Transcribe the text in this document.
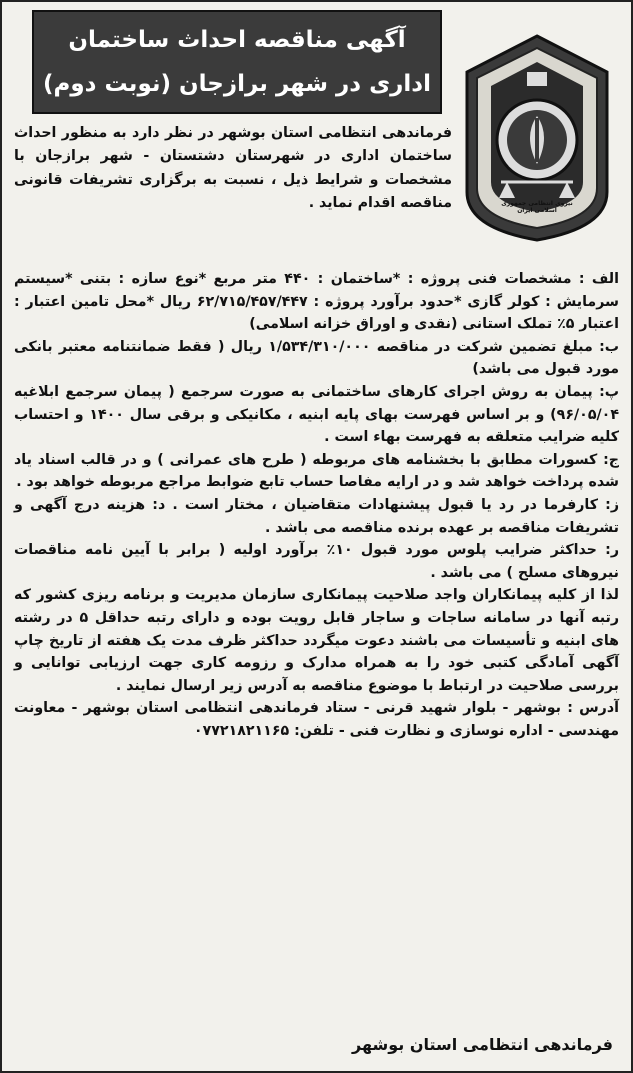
آگهی مناقصه احداث ساختمان
اداری در شهر برازجان (نوبت دوم)
نیروی انتظامی جمهوری اسلامی ایران
فرماندهی انتظامی استان بوشهر در نظر دارد به منظور احداث ساختمان اداری در شهرستان دشتستان - شهر برازجان با مشخصات و شرایط ذیل ، نسبت به برگزاری تشریفات قانونی مناقصه اقدام نماید .

الف : مشخصات فنی پروژه : *ساختمان : ۴۴۰ متر مربع *نوع سازه : بتنی *سیستم سرمایش : کولر گازی *حدود برآورد پروژه : ۶۲/۷۱۵/۴۵۷/۴۴۷ ریال *محل تامین اعتبار : اعتبار ۵٪ تملک استانی (نقدی و اوراق خزانه اسلامی)

ب: مبلغ تضمین شرکت در مناقصه ۱/۵۳۴/۳۱۰/۰۰۰ ریال ( فقط ضمانتنامه معتبر بانکی مورد قبول می باشد)

پ: پیمان به روش اجرای کارهای ساختمانی به صورت سرجمع ( پیمان سرجمع ابلاغیه ۹۶/۰۵/۰۴) و بر اساس فهرست بهای پایه ابنیه ، مکانیکی و برقی سال ۱۴۰۰ و احتساب کلیه ضرایب متعلقه به فهرست بهاء است .

ج: کسورات مطابق با بخشنامه های مربوطه ( طرح های عمرانی ) و در قالب اسناد یاد شده پرداخت خواهد شد و در ارایه مفاصا حساب تابع ضوابط مراجع مربوطه خواهد بود .

ز: کارفرما در رد یا قبول پیشنهادات متقاضیان ، مختار است . د: هزینه درج آگهی و تشریفات مناقصه بر عهده برنده مناقصه می باشد .

ر: حداکثر ضرایب پلوس مورد قبول ۱۰٪ برآورد اولیه ( برابر با آیین نامه مناقصات نیروهای مسلح ) می باشد .

لذا از کلیه پیمانکاران واجد صلاحیت پیمانکاری سازمان مدیریت و برنامه ریزی کشور که رتبه آنها در سامانه ساجات و ساجار قابل رویت بوده و دارای رتبه حداقل ۵ در رشته های ابنیه و تأسیسات می باشند دعوت میگردد حداکثر ظرف مدت یک هفته از تاریخ چاپ آگهی آمادگی کتبی خود را به همراه مدارک و رزومه کاری جهت ارزیابی توانایی و بررسی صلاحیت در ارتباط با موضوع مناقصه به آدرس زیر ارسال نمایند .

آدرس : بوشهر - بلوار شهید قرنی - ستاد فرماندهی انتظامی استان بوشهر - معاونت مهندسی - اداره نوسازی و نظارت فنی - تلفن: ۰۷۷۲۱۸۲۱۱۶۵

فرماندهی انتظامی استان بوشهر
